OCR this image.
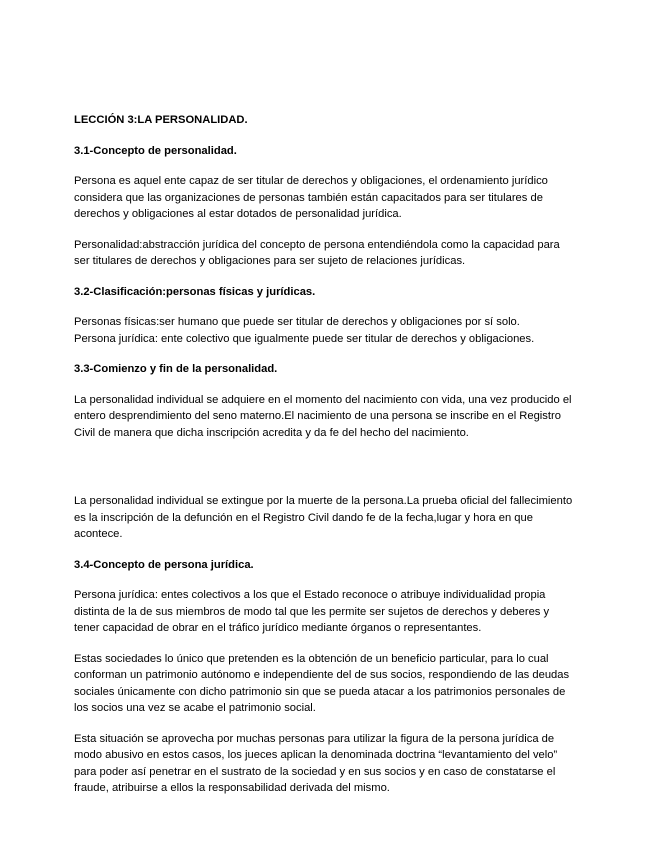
LECCIÓN 3:LA PERSONALIDAD.
3.1-Concepto de personalidad.

Persona es aquel ente capaz de ser titular de derechos y obligaciones, el ordenamiento jurídico considera que las organizaciones de personas también están capacitados para ser titulares de derechos y obligaciones al estar dotados de personalidad jurídica.

Personalidad:abstracción jurídica del concepto de persona entendiéndola como la capacidad para ser titulares de derechos y obligaciones para ser sujeto de relaciones jurídicas.

3.2-Clasificación:personas físicas y jurídicas.

Personas físicas:ser humano que puede ser titular de derechos y obligaciones por sí solo.

Persona jurídica: ente colectivo que igualmente puede ser titular de derechos y obligaciones.

3.3-Comienzo y fin de la personalidad.

La personalidad individual se adquiere en el momento del nacimiento con vida, una vez producido el entero desprendimiento del seno materno.El nacimiento de una persona se inscribe en el Registro Civil de manera que dicha inscripción acredita y da fe del hecho del nacimiento.

La personalidad individual se extingue por la muerte de la persona.La prueba oficial del fallecimiento es la inscripción de la defunción en el Registro Civil dando fe de la fecha,lugar y hora en que acontece.

3.4-Concepto de persona jurídica.

Persona jurídica: entes colectivos a los que el Estado reconoce o atribuye individualidad propia distinta de la de sus miembros de modo tal que les permite ser sujetos de derechos y deberes y tener capacidad de obrar en el tráfico jurídico mediante órganos o representantes.

Estas sociedades lo único que pretenden es la obtención de un beneficio particular, para lo cual conforman un patrimonio autónomo e independiente del de sus socios, respondiendo de las deudas sociales únicamente con dicho patrimonio sin que se pueda atacar a los patrimonios personales de los socios una vez se acabe el patrimonio social.

Esta situación se aprovecha por muchas personas para utilizar la figura de la persona jurídica de modo abusivo en estos casos, los jueces aplican la denominada doctrina “levantamiento del velo” para poder así penetrar en el sustrato de la sociedad y en sus socios y en caso de constatarse el fraude, atribuirse a ellos la responsabilidad derivada del mismo.
